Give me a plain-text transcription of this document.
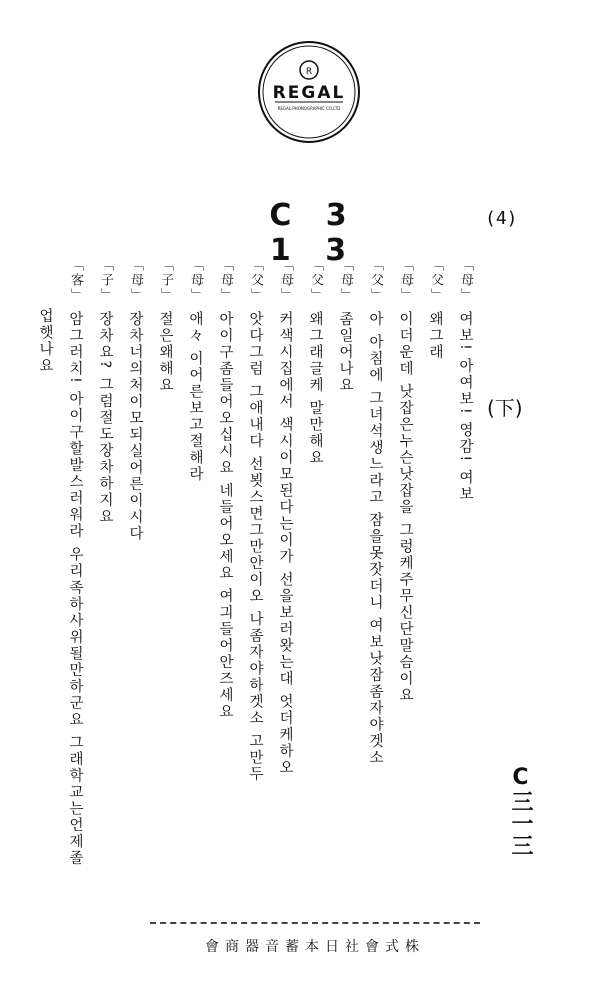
R
REGAL
REGAL PHONOGRAPHIC CO.LTD
C 3 1 3
(4)
(下)
C三一三
「母」여보! 아여보! 영감! 여보
「父」왜그래
「母」이더운데 낫잡은누슨낫잡을 그렁케주무신단말슴이요
「父」아 아침에 그녀석생느라고 잠을못잣더니 여보낫잠좀자야겟소
「母」좀일어나요
「父」왜그래글케 말만해요
「母」커색시집에서 색시이모된다는이가 선을보러왓는대 엇더케하오
「父」앗다그럼 그애내다 선뵛스면그만안이오 나좀자야하겟소 고만두
「母」아이구좀들어오십시요 네들어오세요 여긔들어안즈세요
「母」애々 이어른보고절해라
「子」절은왜해요
「母」장차너의처이모되실어른이시다
「子」장차요? 그럼절도장차하지요
「客」암그러치! 아이구할발스러워라 우리족하사위될만하군요 그래학교는언제졸
업햇나요
會商器音蓄本日社會式株
